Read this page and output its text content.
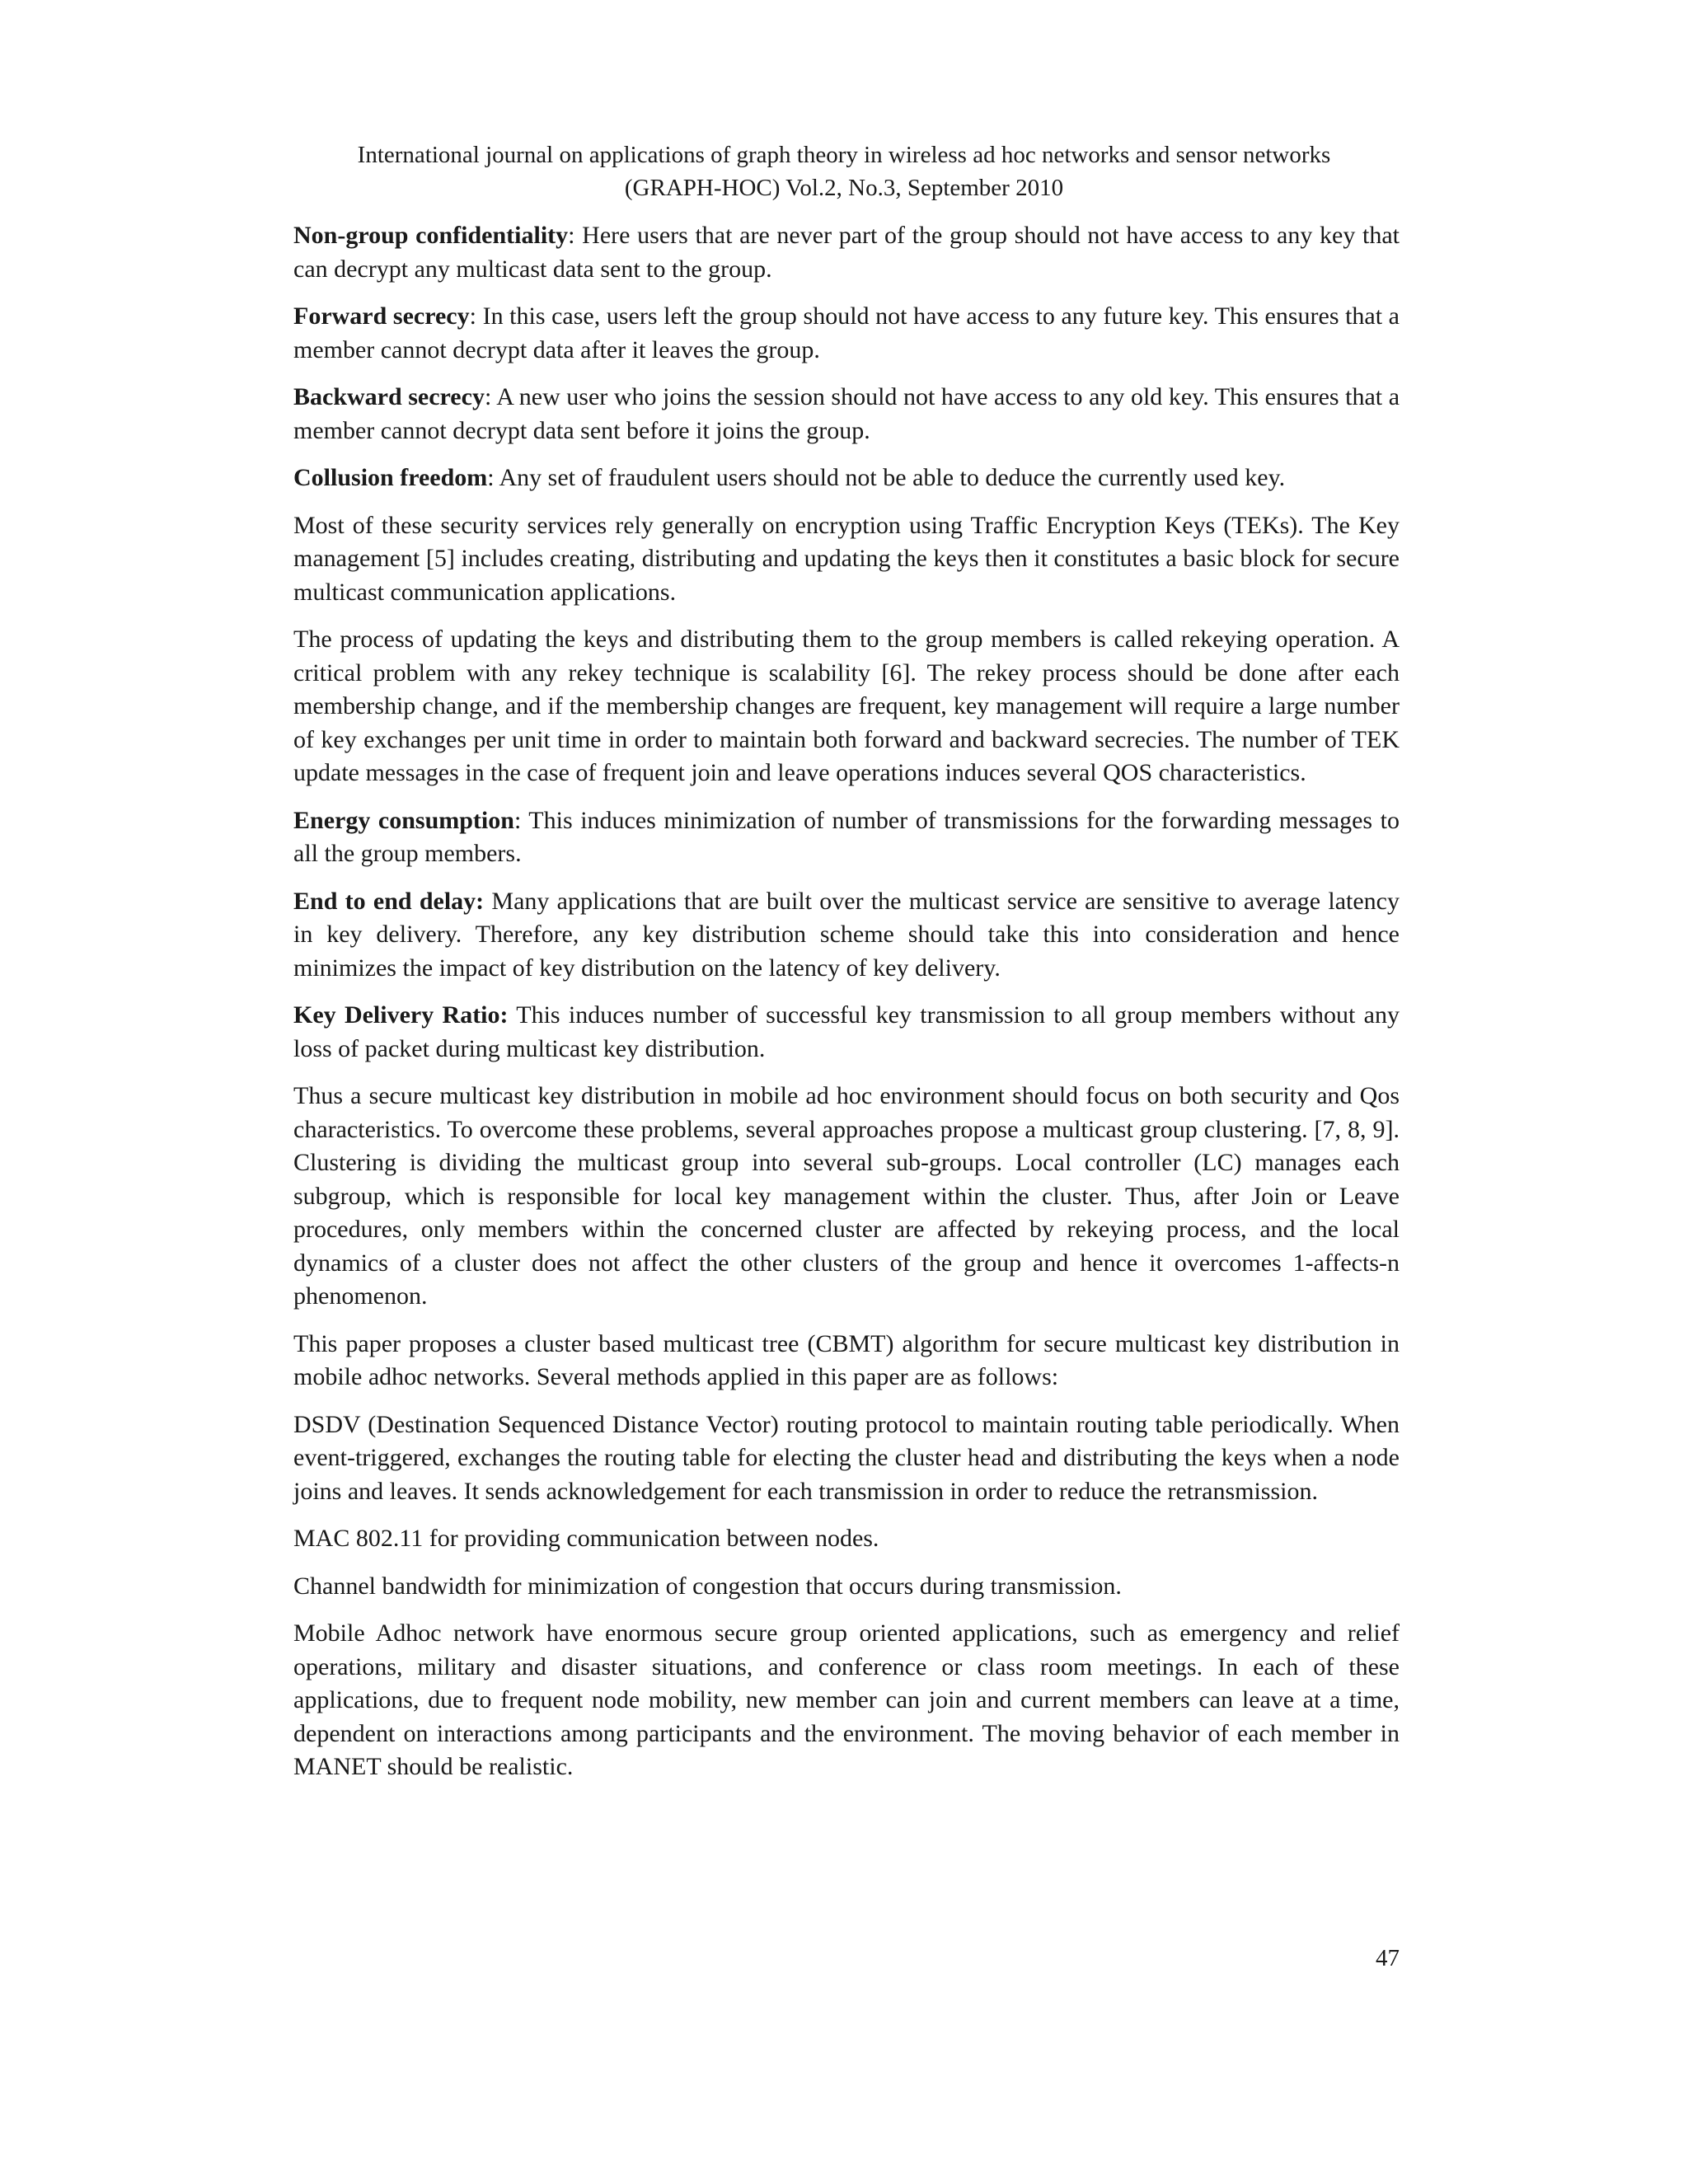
International journal on applications of graph theory in wireless ad hoc networks and sensor networks
(GRAPH-HOC) Vol.2, No.3, September 2010

Non-group confidentiality: Here users that are never part of the group should not have access to any key that can decrypt any multicast data sent to the group.

Forward secrecy: In this case, users left the group should not have access to any future key. This ensures that a member cannot decrypt data after it leaves the group.

Backward secrecy: A new user who joins the session should not have access to any old key. This ensures that a member cannot decrypt data sent before it joins the group.

Collusion freedom: Any set of fraudulent users should not be able to deduce the currently used key.

Most of these security services rely generally on encryption using Traffic Encryption Keys (TEKs). The Key management [5] includes creating, distributing and updating the keys then it constitutes a basic block for secure multicast communication applications.

The process of updating the keys and distributing them to the group members is called rekeying operation. A critical problem with any rekey technique is scalability [6]. The rekey process should be done after each membership change, and if the membership changes are frequent, key management will require a large number of key exchanges per unit time in order to maintain both forward and backward secrecies. The number of TEK update messages in the case of frequent join and leave operations induces several QOS characteristics.

Energy consumption: This induces minimization of number of transmissions for the forwarding messages to all the group members.

End to end delay: Many applications that are built over the multicast service are sensitive to average latency in key delivery. Therefore, any key distribution scheme should take this into consideration and hence minimizes the impact of key distribution on the latency of key delivery.

Key Delivery Ratio: This induces number of successful key transmission to all group members without any loss of packet during multicast key distribution.

Thus a secure multicast key distribution in mobile ad hoc environment should focus on both security and Qos characteristics. To overcome these problems, several approaches propose a multicast group clustering. [7, 8, 9]. Clustering is dividing the multicast group into several sub-groups. Local controller (LC) manages each subgroup, which is responsible for local key management within the cluster. Thus, after Join or Leave procedures, only members within the concerned cluster are affected by rekeying process, and the local dynamics of a cluster does not affect the other clusters of the group and hence it overcomes 1-affects-n phenomenon.

This paper proposes a cluster based multicast tree (CBMT) algorithm for secure multicast key distribution in mobile adhoc networks. Several methods applied in this paper are as follows:

DSDV (Destination Sequenced Distance Vector) routing protocol to maintain routing table periodically. When event-triggered, exchanges the routing table for electing the cluster head and distributing the keys when a node joins and leaves. It sends acknowledgement for each transmission in order to reduce the retransmission.

MAC 802.11 for providing communication between nodes.

Channel bandwidth for minimization of congestion that occurs during transmission.

Mobile Adhoc network have enormous secure group oriented applications, such as emergency and relief operations, military and disaster situations, and conference or class room meetings. In each of these applications, due to frequent node mobility, new member can join and current members can leave at a time, dependent on interactions among participants and the environment. The moving behavior of each member in MANET should be realistic.

47
